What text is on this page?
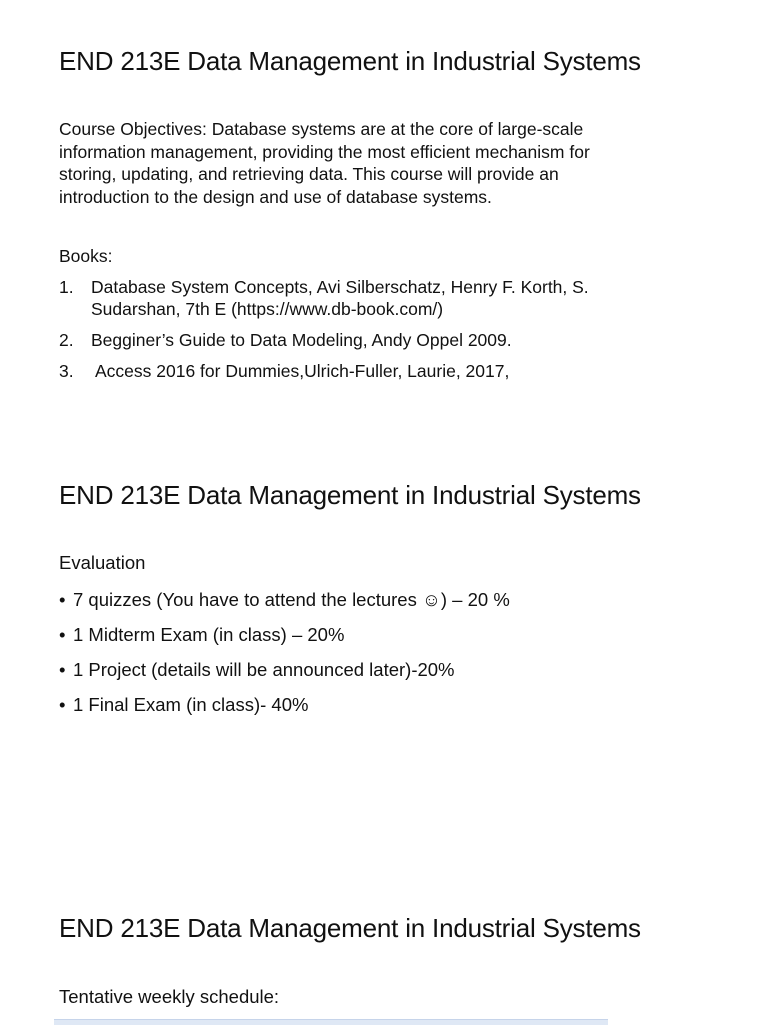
END 213E Data Management in Industrial Systems

Course Objectives: Database systems are at the core of large-scale
information management, providing the most efficient mechanism for
storing, updating, and retrieving data. This course will provide an
introduction to the design and use of database systems.

Books:

1. Database System Concepts, Avi Silberschatz, Henry F. Korth, S.
Sudarshan, 7th E (https://www.db-book.com/)
2. Begginer’s Guide to Data Modeling, Andy Oppel 2009.
3. Access 2016 for Dummies,Ulrich-Fuller, Laurie, 2017,
END 213E Data Management in Industrial Systems

Evaluation

• 7 quizzes (You have to attend the lectures ☺) – 20 %
• 1 Midterm Exam (in class) – 20%
• 1 Project (details will be announced later)-20%
• 1 Final Exam (in class)- 40%
END 213E Data Management in Industrial Systems

Tentative weekly schedule:
